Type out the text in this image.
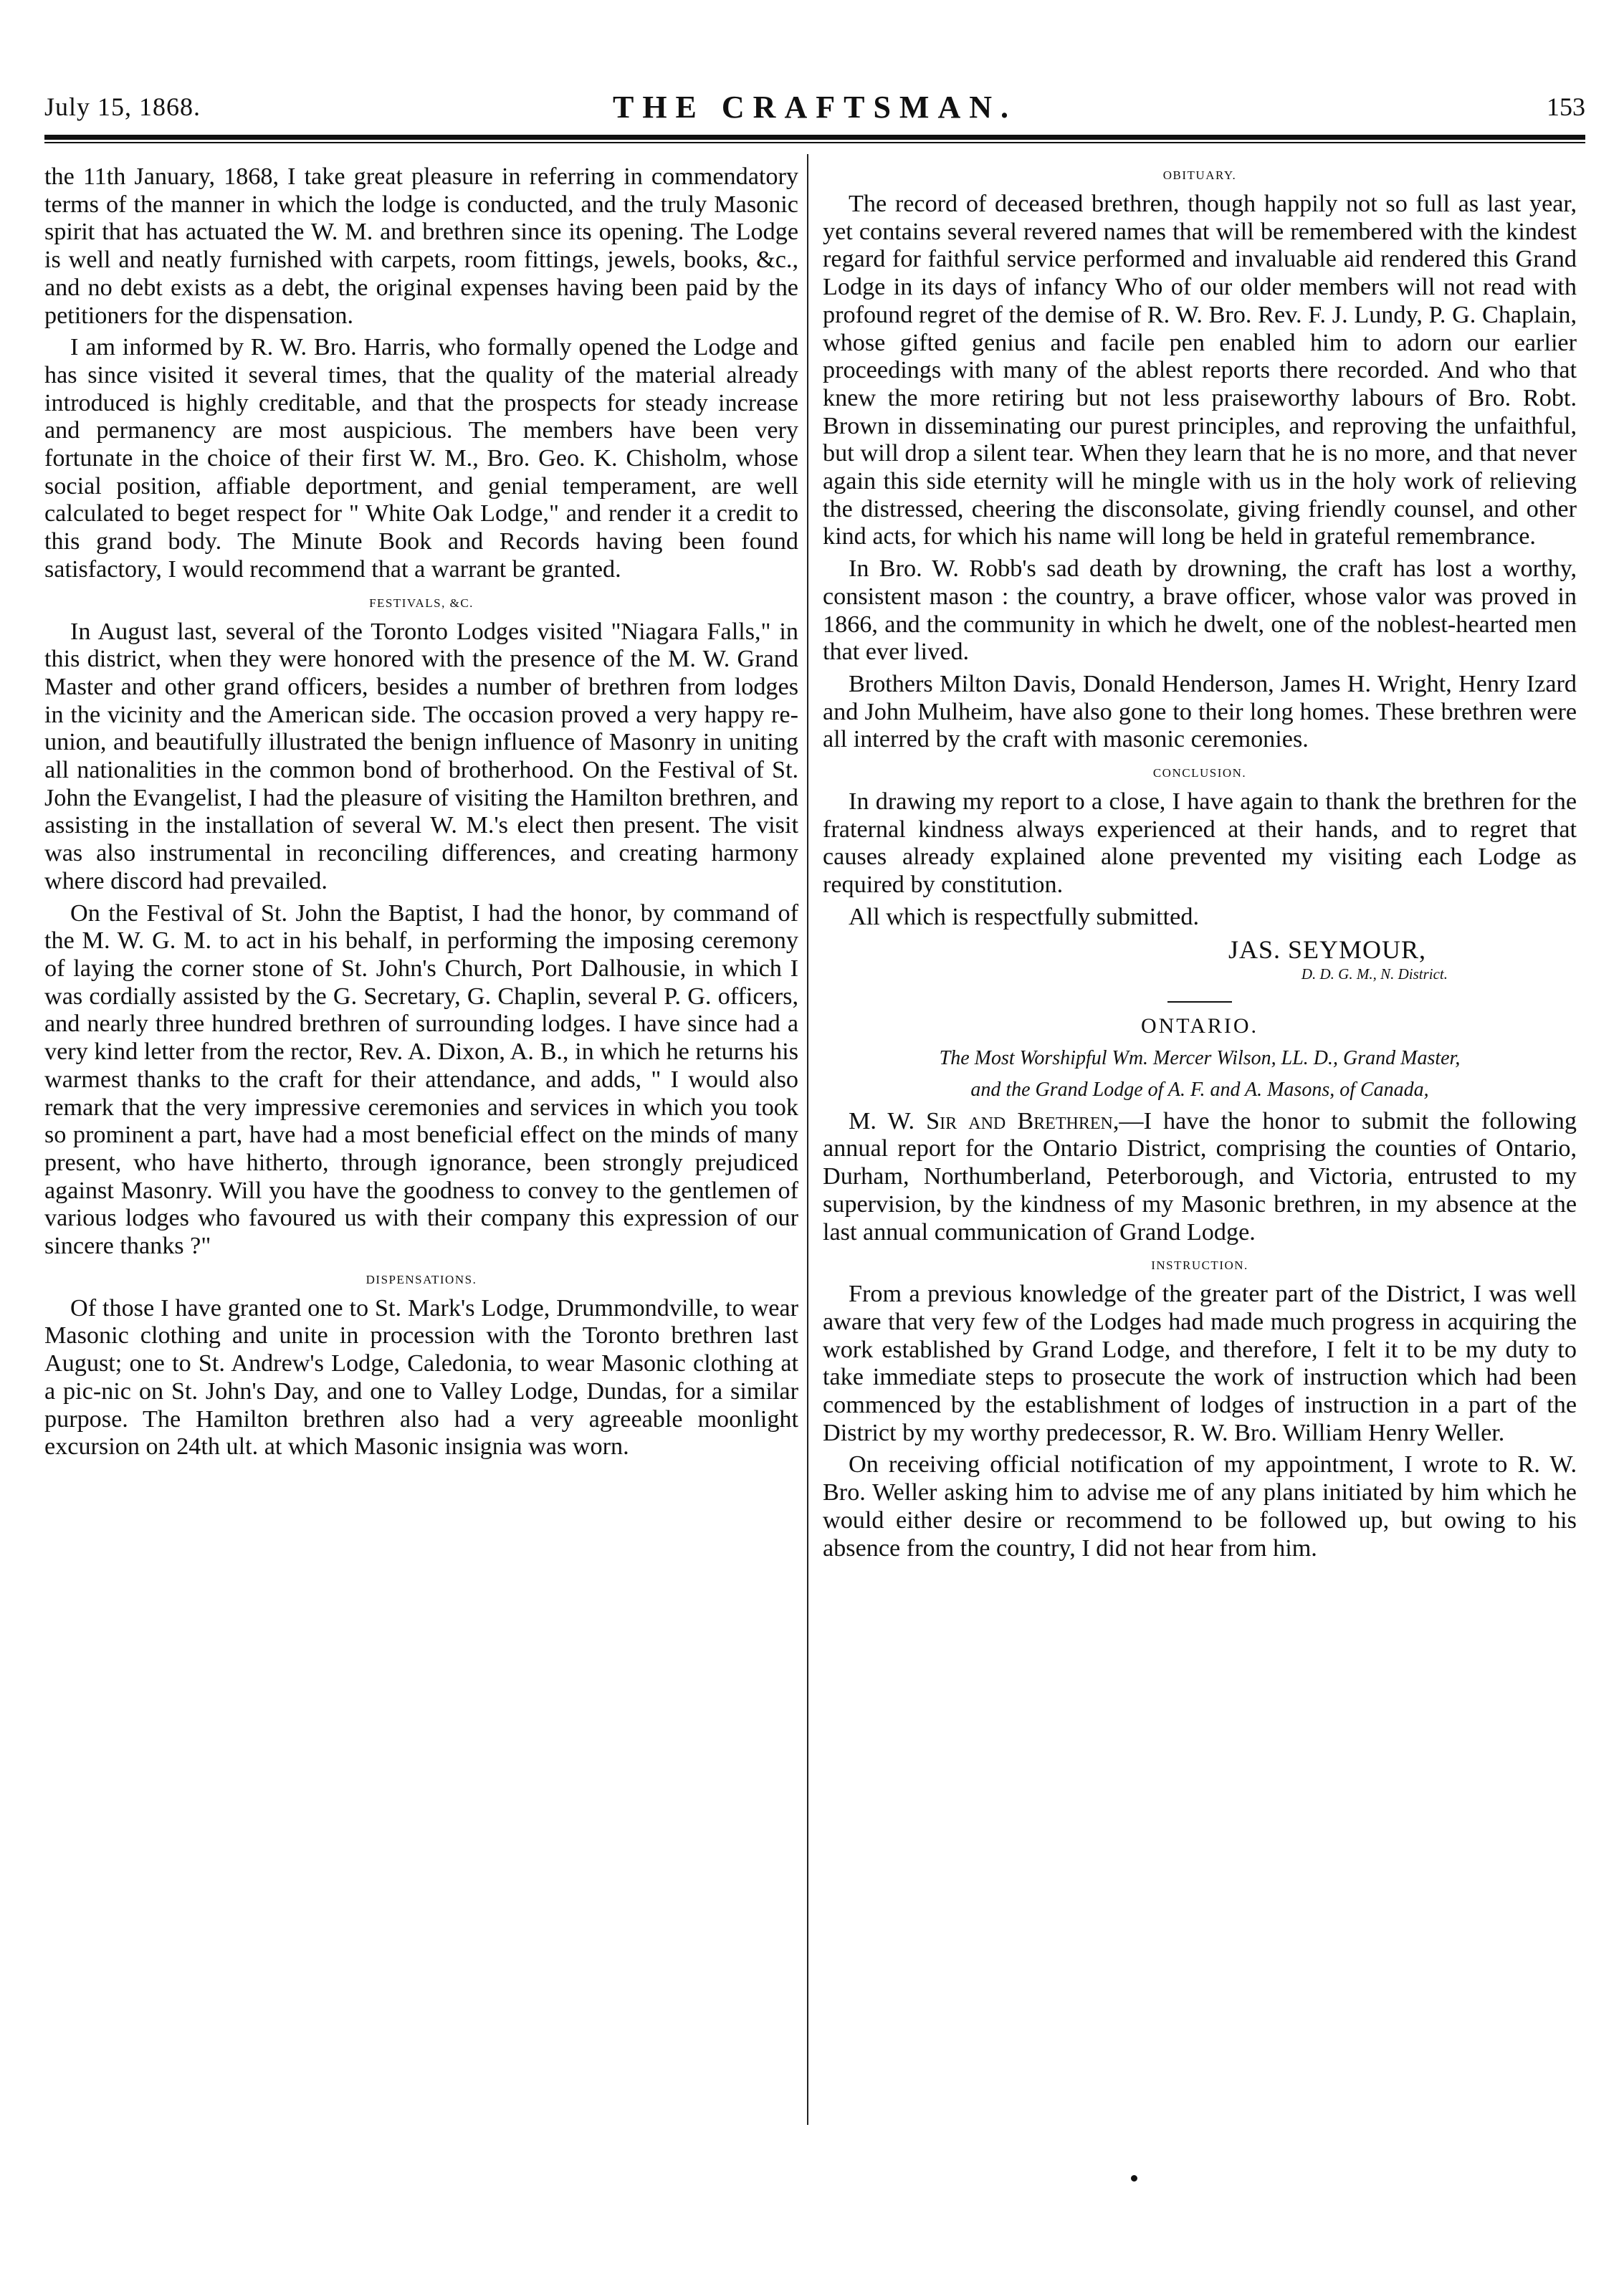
July 15, 1868.	THE CRAFTSMAN.	153

the 11th January, 1868, I take great pleasure in referring in commendatory terms of the manner in which the lodge is conducted, and the truly Masonic spirit that has actuated the W. M. and brethren since its opening. The Lodge is well and neatly furnished with carpets, room fittings, jewels, books, &c., and no debt exists as a debt, the original expenses having been paid by the petitioners for the dispensation.

I am informed by R. W. Bro. Harris, who formally opened the Lodge and has since visited it several times, that the quality of the material already introduced is highly creditable, and that the prospects for steady increase and permanency are most auspicious. The members have been very fortunate in the choice of their first W. M., Bro. Geo. K. Chisholm, whose social position, affiable deportment, and genial temperament, are well calculated to beget respect for " White Oak Lodge," and render it a credit to this grand body. The Minute Book and Records having been found satisfactory, I would recommend that a warrant be granted.

FESTIVALS, &C.

In August last, several of the Toronto Lodges visited "Niagara Falls," in this district, when they were honored with the presence of the M. W. Grand Master and other grand officers, besides a number of brethren from lodges in the vicinity and the American side. The occasion proved a very happy re-union, and beautifully illustrated the benign influence of Masonry in uniting all nationalities in the common bond of brotherhood. On the Festival of St. John the Evangelist, I had the pleasure of visiting the Hamilton brethren, and assisting in the installation of several W. M.'s elect then present. The visit was also instrumental in reconciling differences, and creating harmony where discord had prevailed.

On the Festival of St. John the Baptist, I had the honor, by command of the M. W. G. M. to act in his behalf, in performing the imposing ceremony of laying the corner stone of St. John's Church, Port Dalhousie, in which I was cordially assisted by the G. Secretary, G. Chaplin, several P. G. officers, and nearly three hundred brethren of surrounding lodges. I have since had a very kind letter from the rector, Rev. A. Dixon, A. B., in which he returns his warmest thanks to the craft for their attendance, and adds, " I would also remark that the very impressive ceremonies and services in which you took so prominent a part, have had a most beneficial effect on the minds of many present, who have hitherto, through ignorance, been strongly prejudiced against Masonry. Will you have the goodness to convey to the gentlemen of various lodges who favoured us with their company this expression of our sincere thanks ?"

DISPENSATIONS.

Of those I have granted one to St. Mark's Lodge, Drummondville, to wear Masonic clothing and unite in procession with the Toronto brethren last August; one to St. Andrew's Lodge, Caledonia, to wear Masonic clothing at a pic-nic on St. John's Day, and one to Valley Lodge, Dundas, for a similar purpose. The Hamilton brethren also had a very agreeable moonlight excursion on 24th ult. at which Masonic insignia was worn.

OBITUARY.

The record of deceased brethren, though happily not so full as last year, yet contains several revered names that will be remembered with the kindest regard for faithful service performed and invaluable aid rendered this Grand Lodge in its days of infancy Who of our older members will not read with profound regret of the demise of R. W. Bro. Rev. F. J. Lundy, P. G. Chaplain, whose gifted genius and facile pen enabled him to adorn our earlier proceedings with many of the ablest reports there recorded. And who that knew the more retiring but not less praiseworthy labours of Bro. Robt. Brown in disseminating our purest principles, and reproving the unfaithful, but will drop a silent tear. When they learn that he is no more, and that never again this side eternity will he mingle with us in the holy work of relieving the distressed, cheering the disconsolate, giving friendly counsel, and other kind acts, for which his name will long be held in grateful remembrance.

In Bro. W. Robb's sad death by drowning, the craft has lost a worthy, consistent mason : the country, a brave officer, whose valor was proved in 1866, and the community in which he dwelt, one of the noblest-hearted men that ever lived.

Brothers Milton Davis, Donald Henderson, James H. Wright, Henry Izard and John Mulheim, have also gone to their long homes. These brethren were all interred by the craft with masonic ceremonies.

CONCLUSION.

In drawing my report to a close, I have again to thank the brethren for the fraternal kindness always experienced at their hands, and to regret that causes already explained alone prevented my visiting each Lodge as required by constitution.

All which is respectfully submitted.

JAS. SEYMOUR,
D. D. G. M., N. District.
ONTARIO.
The Most Worshipful Wm. Mercer Wilson, LL. D., Grand Master,
and the Grand Lodge of A. F. and A. Masons, of Canada,

M. W. Sir and Brethren,—I have the honor to submit the following annual report for the Ontario District, comprising the counties of Ontario, Durham, Northumberland, Peterborough, and Victoria, entrusted to my supervision, by the kindness of my Masonic brethren, in my absence at the last annual communication of Grand Lodge.

INSTRUCTION.

From a previous knowledge of the greater part of the District, I was well aware that very few of the Lodges had made much progress in acquiring the work established by Grand Lodge, and therefore, I felt it to be my duty to take immediate steps to prosecute the work of instruction which had been commenced by the establishment of lodges of instruction in a part of the District by my worthy predecessor, R. W. Bro. William Henry Weller.

On receiving official notification of my appointment, I wrote to R. W. Bro. Weller asking him to advise me of any plans initiated by him which he would either desire or recommend to be followed up, but owing to his absence from the country, I did not hear from him.
